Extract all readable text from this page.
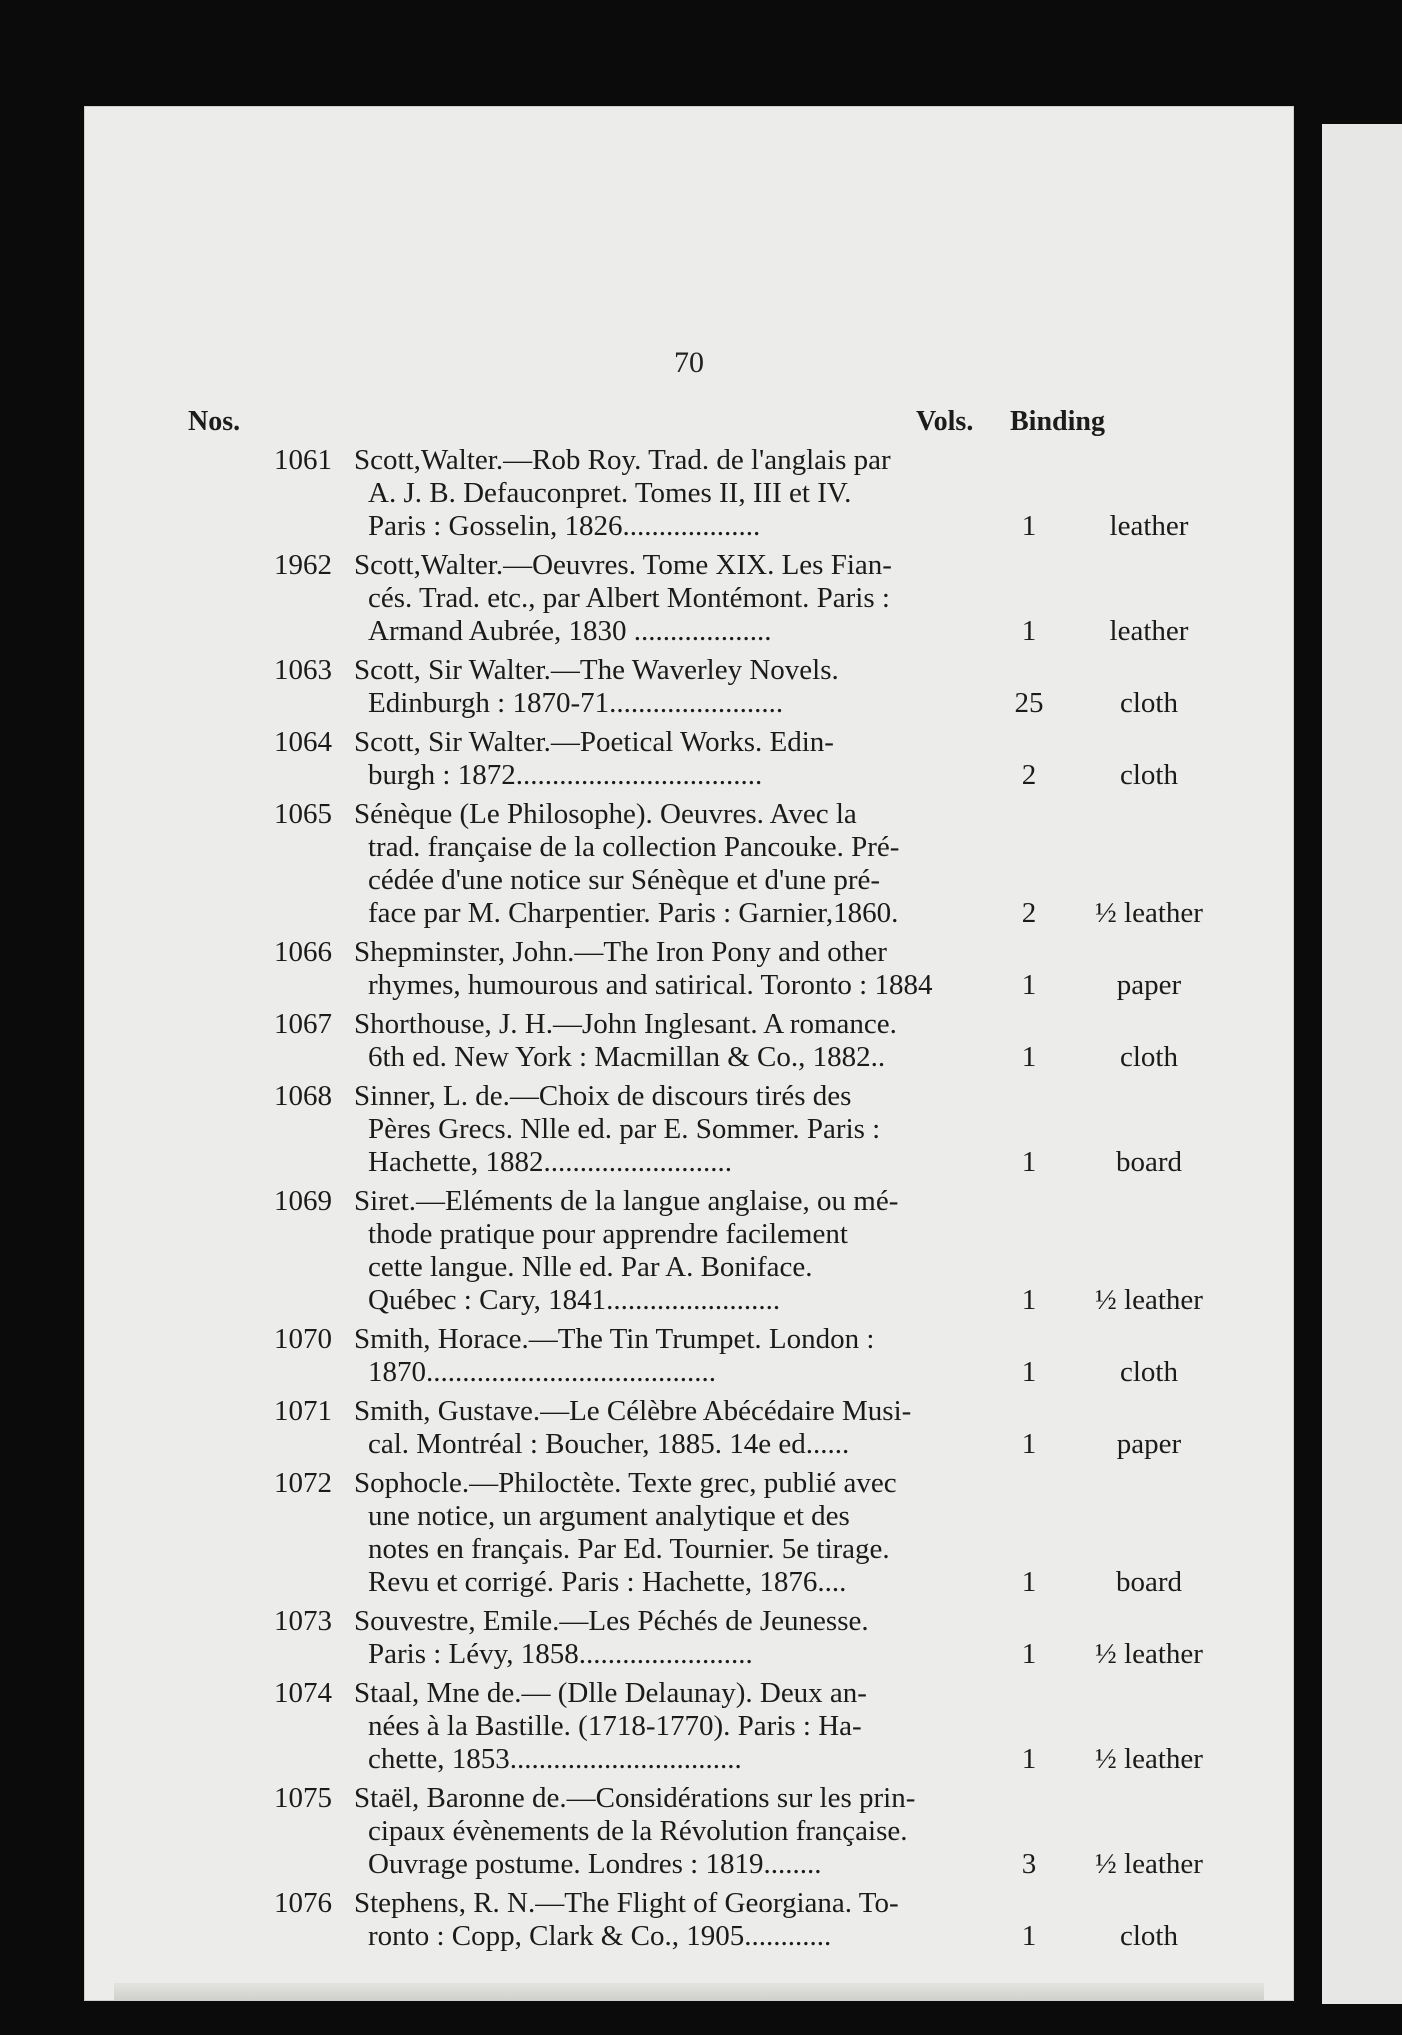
70
Nos.	Vols. Binding
1061 Scott,Walter.—Rob Roy. Trad. de l'anglais par
A. J. B. Defauconpret. Tomes II, III et IV.
Paris : Gosselin, 1826...................	1	leather
1962 Scott,Walter.—Oeuvres. Tome XIX. Les Fian-
cés. Trad. etc., par Albert Montémont. Paris :
Armand Aubrée, 1830 ...................	1	leather
1063 Scott, Sir Walter.—The Waverley Novels.
Edinburgh : 1870-71........................	25	cloth
1064 Scott, Sir Walter.—Poetical Works. Edin-
burgh : 1872..................................	2	cloth
1065 Sénèque (Le Philosophe). Oeuvres. Avec la
trad. française de la collection Pancouke. Pré-
cédée d'une notice sur Sénèque et d'une pré-
face par M. Charpentier. Paris : Garnier,1860.	2	½ leather
1066 Shepminster, John.—The Iron Pony and other
rhymes, humourous and satirical. Toronto : 1884	1	paper
1067 Shorthouse, J. H.—John Inglesant. A romance.
6th ed. New York : Macmillan & Co., 1882..	1	cloth
1068 Sinner, L. de.—Choix de discours tirés des
Pères Grecs. Nlle ed. par E. Sommer. Paris :
Hachette, 1882..........................	1	board
1069 Siret.—Eléments de la langue anglaise, ou mé-
thode pratique pour apprendre facilement
cette langue. Nlle ed. Par A. Boniface.
Québec : Cary, 1841........................	1	½ leather
1070 Smith, Horace.—The Tin Trumpet. London :
1870........................................	1	cloth
1071 Smith, Gustave.—Le Célèbre Abécédaire Musi-
cal. Montréal : Boucher, 1885. 14e ed......	1	paper
1072 Sophocle.—Philoctète. Texte grec, publié avec
une notice, un argument analytique et des
notes en français. Par Ed. Tournier. 5e tirage.
Revu et corrigé. Paris : Hachette, 1876....	1	board
1073 Souvestre, Emile.—Les Péchés de Jeunesse.
Paris : Lévy, 1858........................	1	½ leather
1074 Staal, Mne de.— (Dlle Delaunay). Deux an-
nées à la Bastille. (1718-1770). Paris : Ha-
chette, 1853................................	1	½ leather
1075 Staël, Baronne de.—Considérations sur les prin-
cipaux évènements de la Révolution française.
Ouvrage postume. Londres : 1819........	3	½ leather
1076 Stephens, R. N.—The Flight of Georgiana. To-
ronto : Copp, Clark & Co., 1905............	1	cloth
